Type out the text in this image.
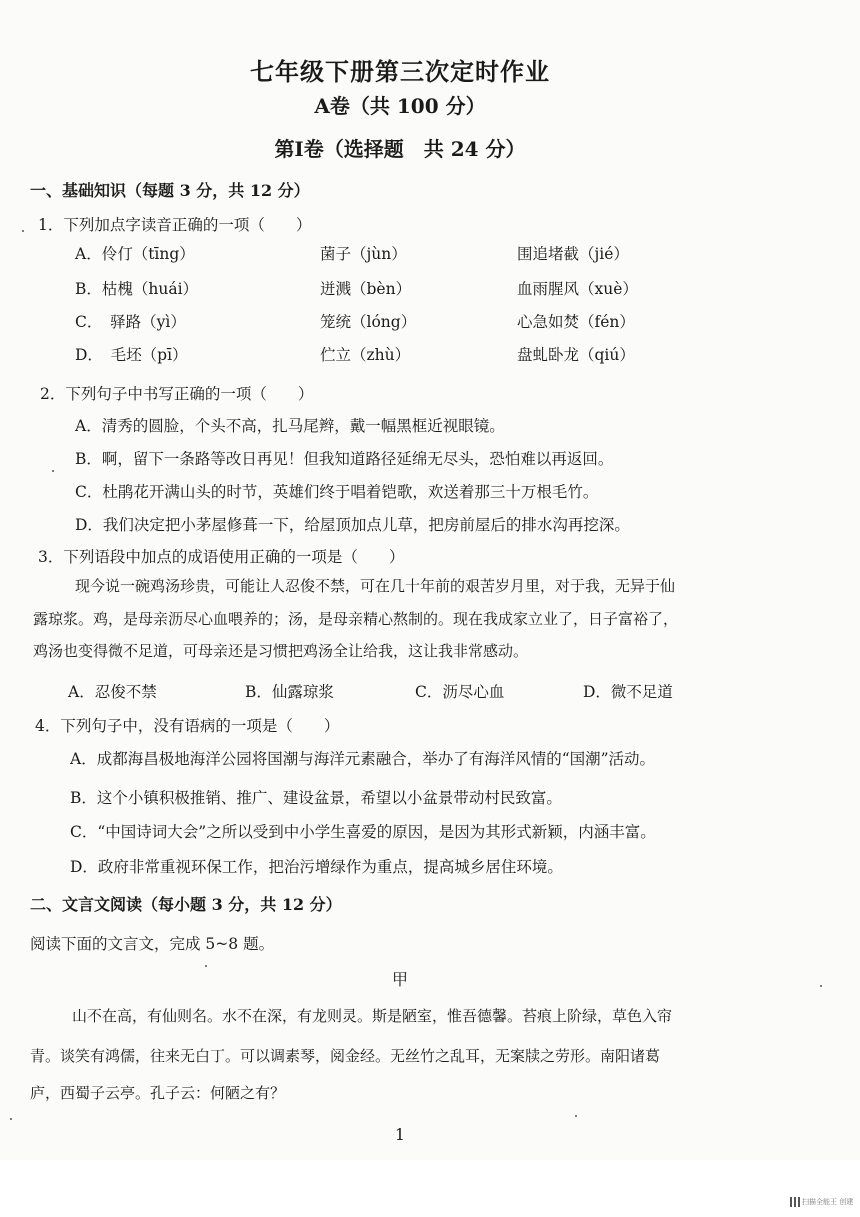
七年级下册第三次定时作业
A卷（共 100 分）
第Ⅰ卷（选择题　共 24 分）
一、基础知识（每题 3 分，共 12 分）
1．下列加点字读音正确的一项（　　）
A．伶仃（tīng）	菌子（jùn）	围追堵截（jié）
B．枯槐（huái）	迸溅（bèn）	血雨腥风（xuè）
C．　驿路（yì）	笼统（lóng）	心急如焚（fén）
D．　毛坯（pī）	伫立（zhù）	盘虬卧龙（qiú）
2．下列句子中书写正确的一项（　　）
A．清秀的圆脸，个头不高，扎马尾辫，戴一幅黑框近视眼镜。
B．啊，留下一条路等改日再见！但我知道路径延绵无尽头，恐怕难以再返回。
C．杜鹃花开满山头的时节，英雄们终于唱着铠歌，欢送着那三十万根毛竹。
D．我们决定把小茅屋修葺一下，给屋顶加点儿草，把房前屋后的排水沟再挖深。
3．下列语段中加点的成语使用正确的一项是（　　）
现今说一碗鸡汤珍贵，可能让人忍俊不禁，可在几十年前的艰苦岁月里，对于我，无异于仙
露琼浆。鸡，是母亲沥尽心血喂养的；汤，是母亲精心熬制的。现在我成家立业了，日子富裕了，
鸡汤也变得微不足道，可母亲还是习惯把鸡汤全让给我，这让我非常感动。
A．忍俊不禁	B．仙露琼浆	C．沥尽心血	D．微不足道
4．下列句子中，没有语病的一项是（　　）
A．成都海昌极地海洋公园将国潮与海洋元素融合，举办了有海洋风情的“国潮”活动。
B．这个小镇积极推销、推广、建设盆景，希望以小盆景带动村民致富。
C．“中国诗词大会”之所以受到中小学生喜爱的原因，是因为其形式新颖，内涵丰富。
D．政府非常重视环保工作，把治污增绿作为重点，提高城乡居住环境。
二、文言文阅读（每小题 3 分，共 12 分）
阅读下面的文言文，完成 5~8 题。
甲
山不在高，有仙则名。水不在深，有龙则灵。斯是陋室，惟吾德馨。苔痕上阶绿，草色入帘
青。谈笑有鸿儒，往来无白丁。可以调素琴，阅金经。无丝竹之乱耳，无案牍之劳形。南阳诸葛
庐，西蜀子云亭。孔子云：何陋之有？
1
扫描全能王 创建
